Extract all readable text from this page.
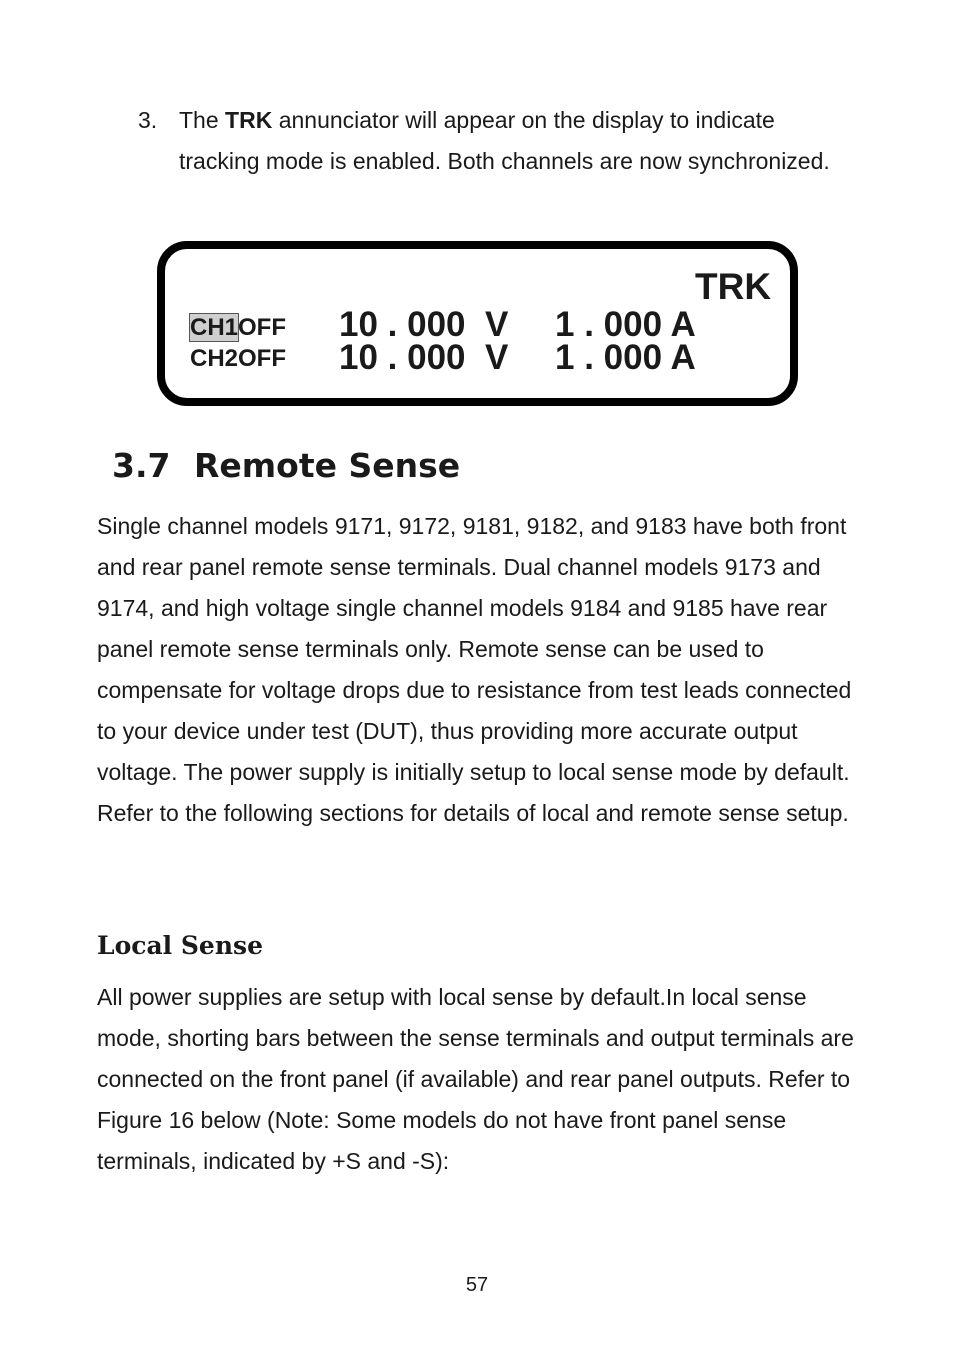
3. The TRK annunciator will appear on the display to indicate tracking mode is enabled. Both channels are now synchronized.
TRK

CH1OFF

10 . 000  V

1 . 000 A

CH2OFF

10 . 000  V

1 . 000 A

3.7 Remote Sense
Single channel models 9171, 9172, 9181, 9182, and 9183 have both front and rear panel remote sense terminals. Dual channel models 9173 and 9174, and high voltage single channel models 9184 and 9185 have rear panel remote sense terminals only. Remote sense can be used to compensate for voltage drops due to resistance from test leads connected to your device under test (DUT), thus providing more accurate output voltage. The power supply is initially setup to local sense mode by default. Refer to the following sections for details of local and remote sense setup.
Local Sense
All power supplies are setup with local sense by default.In local sense mode, shorting bars between the sense terminals and output terminals are connected on the front panel (if available) and rear panel outputs. Refer to Figure 16 below (Note: Some models do not have front panel sense terminals, indicated by +S and -S):
57
